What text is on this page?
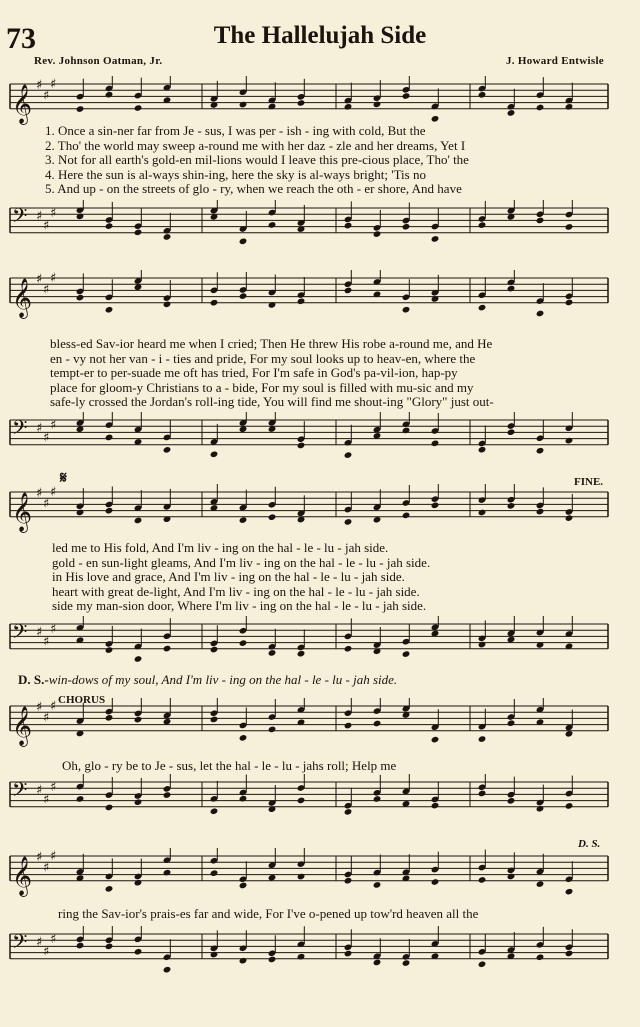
73	The Hallelujah Side
Rev. Johnson Oatman, Jr.	J. Howard Entwisle
𝄞 ♯
♯
♯
1. Once a sin-ner far from Je - sus, I was per - ish - ing with cold, But the
2. Tho' the world may sweep a-round me with her daz - zle and her dreams, Yet I
3. Not for all earth's gold-en mil-lions would I leave this pre-cious place, Tho' the
4. Here the sun is al-ways shin-ing, here the sky is al-ways bright; 'Tis no
5. And up - on the streets of glo - ry, when we reach the oth - er shore, And have
𝄢 ♯
♯
♯
𝄞 ♯
♯
♯
bless-ed Sav-ior heard me when I cried; Then He threw His robe a-round me, and He
en - vy not her van - i - ties and pride, For my soul looks up to heav-en, where the
tempt-er to per-suade me oft has tried, For I'm safe in God's pa-vil-ion, hap-py
place for gloom-y Christians to a - bide, For my soul is filled with mu-sic and my
safe-ly crossed the Jordan's roll-ing tide, You will find me shout-ing "Glory" just out-
𝄢 ♯
♯
♯
𝄋	FINE.
𝄞 ♯
♯
♯
led me to His fold, And I'm liv - ing on the hal - le - lu - jah side.
gold - en sun-light gleams, And I'm liv - ing on the hal - le - lu - jah side.
in His love and grace, And I'm liv - ing on the hal - le - lu - jah side.
heart with great de-light, And I'm liv - ing on the hal - le - lu - jah side.
side my man-sion door, Where I'm liv - ing on the hal - le - lu - jah side.
𝄢 ♯
♯
♯
D. S.-win-dows of my soul, And I'm liv - ing on the hal - le - lu - jah side.
CHORUS
𝄞 ♯
♯
♯
Oh, glo - ry be to Je - sus, let the hal - le - lu - jahs roll; Help me
𝄢 ♯
♯
♯
D. S.
𝄞 ♯
♯
♯
ring the Sav-ior's prais-es far and wide, For I've o-pened up tow'rd heaven all the
𝄢 ♯
♯
♯
